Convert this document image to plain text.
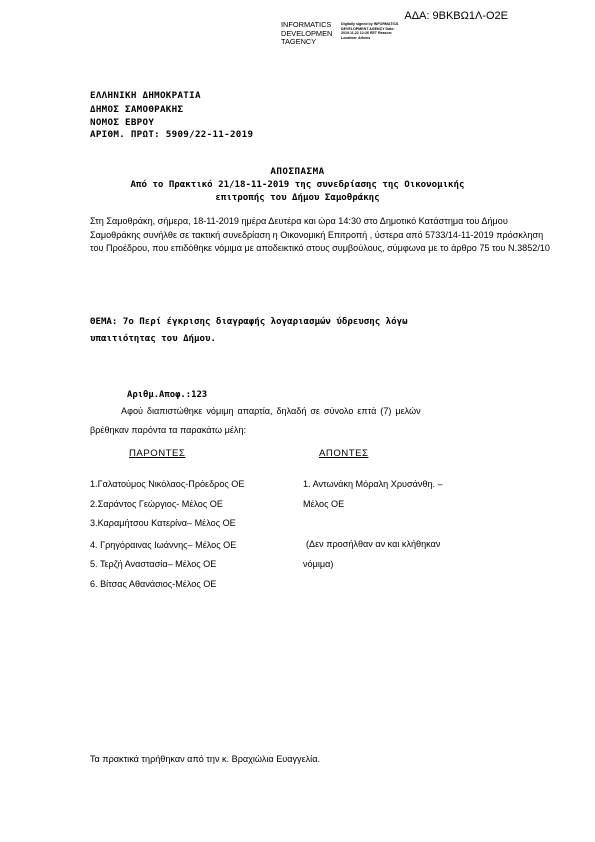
ΑΔΑ: 9ΒΚΒΩ1Λ-Ο2Ε
INFORMATICS DEVELOPMEN TAGENCY
Digitally signed by INFORMATICS DEVELOPMENT AGENCY Date: 2019.11.22 12:26 EET Reason: Location: Athens
ΕΛΛΗΝΙΚΗ ΔΗΜΟΚΡΑΤΙΑ
ΔΗΜΟΣ ΣΑΜΟΘΡΑΚΗΣ
ΝΟΜΟΣ ΕΒΡΟΥ
ΑΡΙΘΜ. ΠΡΩΤ: 5909/22-11-2019
ΑΠΟΣΠΑΣΜΑ
Από το Πρακτικό 21/18-11-2019 της συνεδρίασης της Οικονομικής
επιτροπής του Δήμου Σαμοθράκης
Στη Σαμοθράκη, σήμερα, 18-11-2019 ημέρα Δευτέρα και ώρα 14:30 στο Δημοτικό Κατάστημα του Δήμου Σαμοθράκης συνήλθε σε τακτική συνεδρίαση η Οικονομική Επιτροπή , ύστερα από 5733/14-11-2019 πρόσκληση του Προέδρου, που επιδόθηκε νόμιμα με αποδεικτικό στους συμβούλους, σύμφωνα με το άρθρο 75 του Ν.3852/10
ΘΕΜΑ: 7ο Περί έγκρισης διαγραφής λογαριασμών ύδρευσης λόγω
υπαιτιότητας του Δήμου.
Αριθμ.Αποφ.:123
Αφού διαπιστώθηκε νόμιμη απαρτία, δηλαδή σε σύνολο επτά (7) μελών
βρέθηκαν παρόντα τα παρακάτω μέλη:
ΠΑΡΟΝΤΕΣ	ΑΠΟΝΤΕΣ
1.Γαλατούμος Νικόλαος-Πρόεδρος ΟΕ
2.Σαράντος Γεώργιος- Μέλος ΟΕ
3.Καραμήτσου Κατερίνα– Μέλος ΟΕ
4. Γρηγόραινας Ιωάννης– Μέλος ΟΕ
5. Τερζή Αναστασία– Μέλος ΟΕ
6. Βίτσας Αθανάσιος-Μέλος ΟΕ
1. Αντωνάκη Μόραλη Χρυσάνθη. –
Μέλος ΟΕ
(Δεν προσήλθαν αν και κλήθηκαν
νόμιμα)
Τα πρακτικά τηρήθηκαν από την κ. Βραχιώλια Ευαγγελία.
